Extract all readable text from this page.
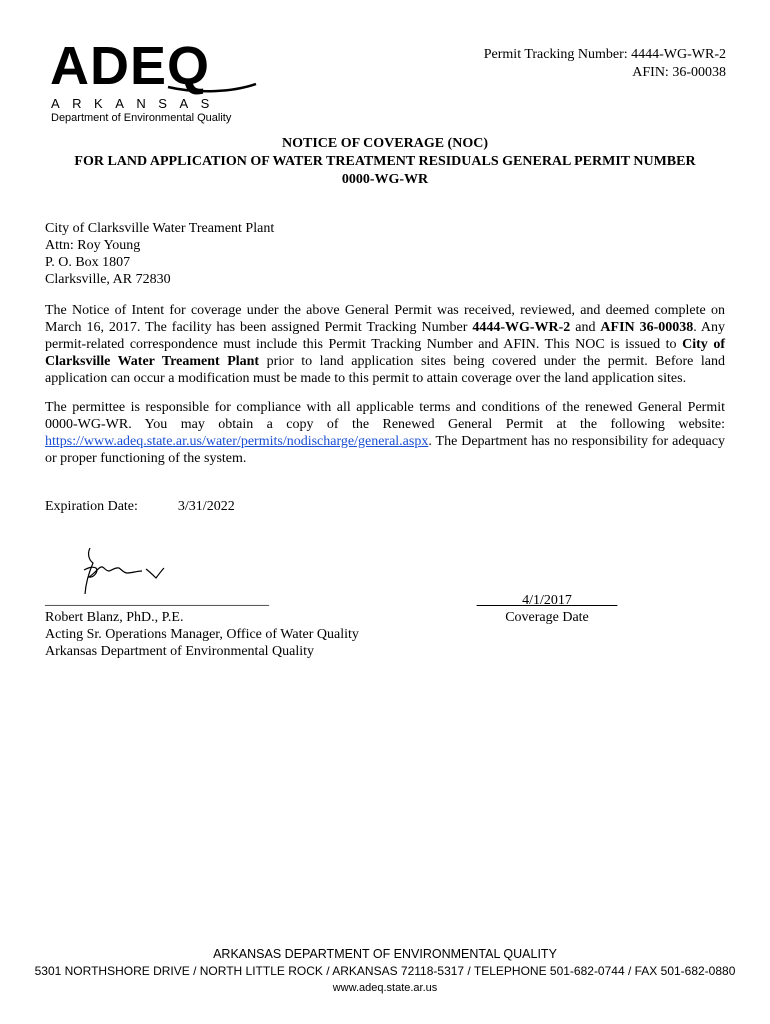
ADEQ
ARKANSAS
Department of Environmental Quality
Permit Tracking Number: 4444-WG-WR-2
AFIN: 36-00038
NOTICE OF COVERAGE (NOC)
FOR LAND APPLICATION OF WATER TREATMENT RESIDUALS GENERAL PERMIT NUMBER
0000-WG-WR
City of Clarksville Water Treament Plant
Attn: Roy Young
P. O. Box 1807
Clarksville, AR 72830
The Notice of Intent for coverage under the above General Permit was received, reviewed, and deemed complete on March 16, 2017. The facility has been assigned Permit Tracking Number 4444-WG-WR-2 and AFIN 36-00038. Any permit-related correspondence must include this Permit Tracking Number and AFIN. This NOC is issued to City of Clarksville Water Treament Plant prior to land application sites being covered under the permit. Before land application can occur a modification must be made to this permit to attain coverage over the land application sites.
The permittee is responsible for compliance with all applicable terms and conditions of the renewed General Permit 0000-WG-WR. You may obtain a copy of the Renewed General Permit at the following website: https://www.adeq.state.ar.us/water/permits/nodischarge/general.aspx. The Department has no responsibility for adequacy or proper functioning of the system.
Expiration Date:	3/31/2022
________________________________
Robert Blanz, PhD., P.E.
Acting Sr. Operations Manager, Office of Water Quality
Arkansas Department of Environmental Quality
4/1/2017
Coverage Date
ARKANSAS DEPARTMENT OF ENVIRONMENTAL QUALITY
5301 NORTHSHORE DRIVE / NORTH LITTLE ROCK / ARKANSAS 72118-5317 / TELEPHONE 501-682-0744 / FAX 501-682-0880
www.adeq.state.ar.us
